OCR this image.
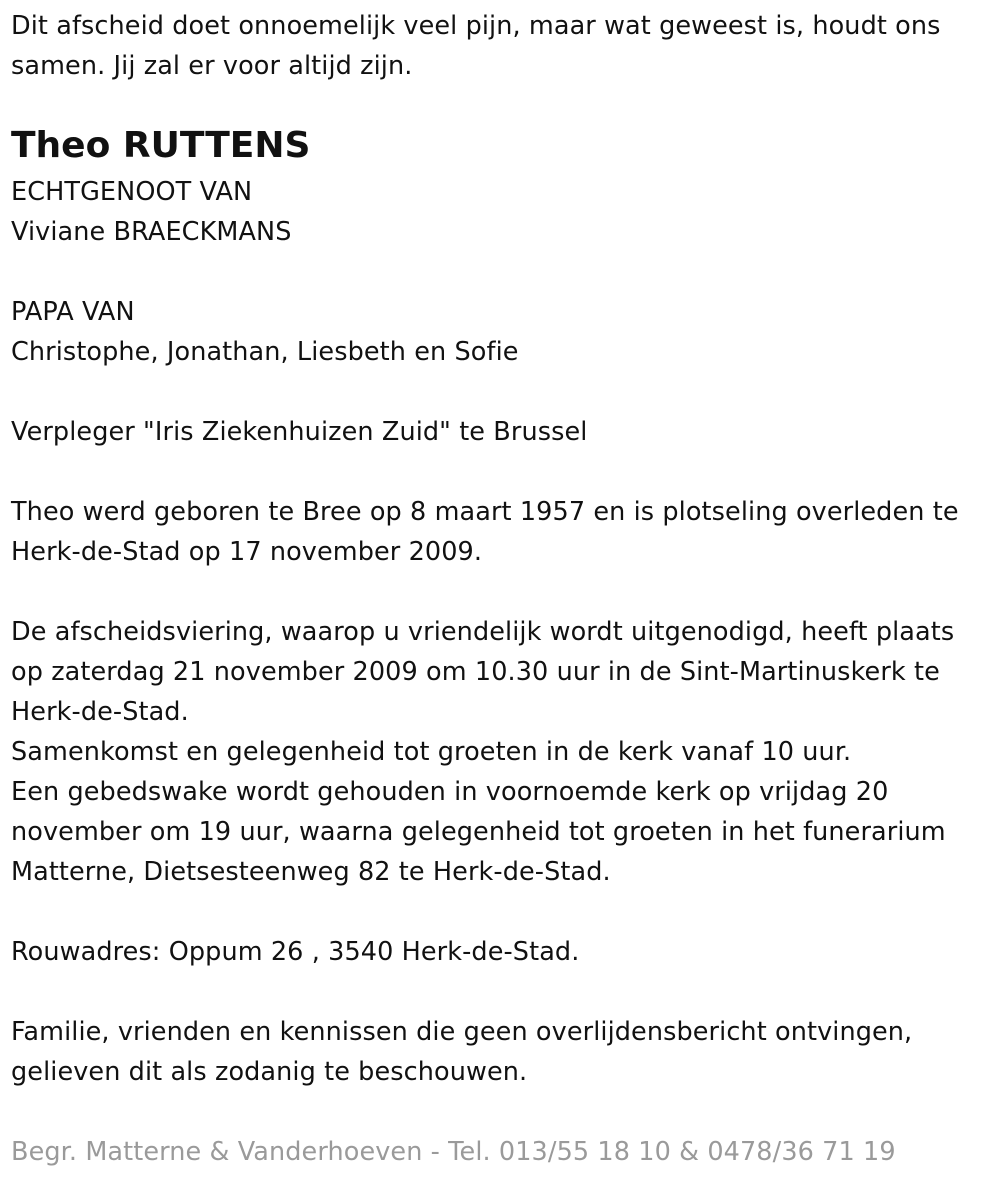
Dit afscheid doet onnoemelijk veel pijn, maar wat geweest is, houdt ons
samen. Jij zal er voor altijd zijn.
Theo RUTTENS
ECHTGENOOT VAN
Viviane BRAECKMANS
PAPA VAN
Christophe, Jonathan, Liesbeth en Sofie
Verpleger "Iris Ziekenhuizen Zuid" te Brussel
Theo werd geboren te Bree op 8 maart 1957 en is plotseling overleden te
Herk-de-Stad op 17 november 2009.
De afscheidsviering, waarop u vriendelijk wordt uitgenodigd, heeft plaats
op zaterdag 21 november 2009 om 10.30 uur in de Sint-Martinuskerk te
Herk-de-Stad.
Samenkomst en gelegenheid tot groeten in de kerk vanaf 10 uur.
Een gebedswake wordt gehouden in voornoemde kerk op vrijdag 20
november om 19 uur, waarna gelegenheid tot groeten in het funerarium
Matterne, Dietsesteenweg 82 te Herk-de-Stad.
Rouwadres: Oppum 26 , 3540 Herk-de-Stad.
Familie, vrienden en kennissen die geen overlijdensbericht ontvingen,
gelieven dit als zodanig te beschouwen.
Begr. Matterne & Vanderhoeven - Tel. 013/55 18 10 & 0478/36 71 19
